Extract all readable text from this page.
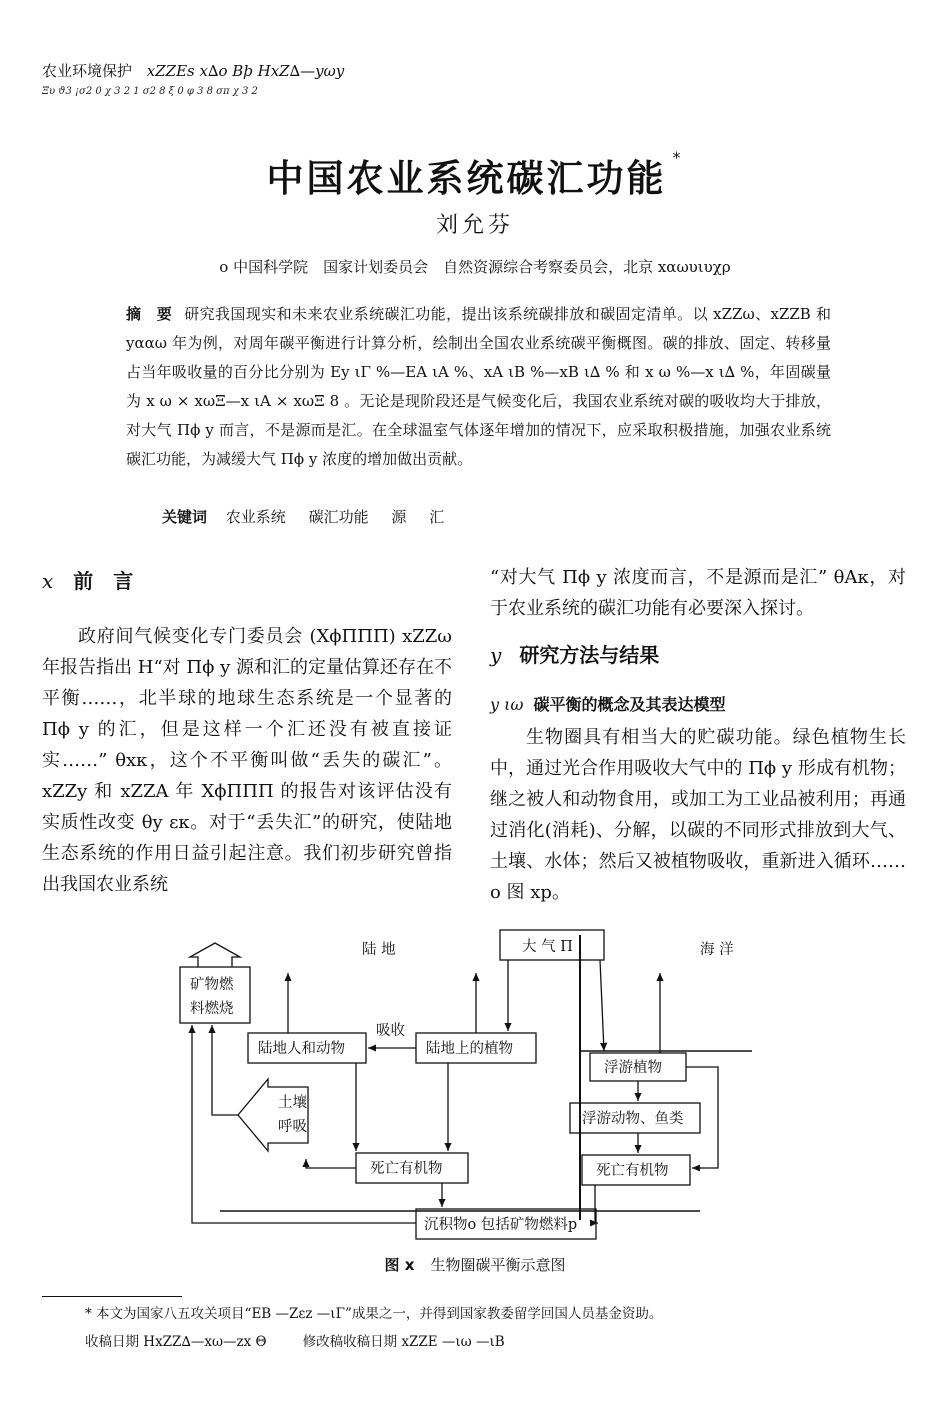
农业环境保护 xZZEs x∆o Bþ HxZ∆—yωy
Ξυ ϑ3 ¡σ2 0 χ 3 2 1 σ2 8 ξ 0 φ 3 8 σπ χ 3 2
中国农业系统碳汇功能 *
刘允芬
o 中国科学院　国家计划委员会　自然资源综合考察委员会，北京 xαωυιυχρ
摘　要 研究我国现实和未来农业系统碳汇功能，提出该系统碳排放和碳固定清单。以 xZZω、xZZB 和 yααω 年为例，对周年碳平衡进行计算分析，绘制出全国农业系统碳平衡概图。碳的排放、固定、转移量占当年吸收量的百分比分别为 Ey ιΓ %—EA ιA %、xA ιB %—xB ι∆ % 和 x ω %—x ι∆ %，年固碳量为 x ω × xωΞ—x ιA × xωΞ 8 。无论是现阶段还是气候变化后，我国农业系统对碳的吸收均大于排放，对大气 Πϕ y 而言，不是源而是汇。在全球温室气体逐年增加的情况下，应采取积极措施，加强农业系统碳汇功能，为减缓大气 Πϕ y 浓度的增加做出贡献。
关键词 农业系统 碳汇功能 源 汇
x 前　言

政府间气候变化专门委员会 (XϕΠΠΠ) xZZω 年报告指出 H“对 Πϕ y 源和汇的定量估算还存在不平衡……，北半球的地球生态系统是一个显著的 Πϕ y 的汇，但是这样一个汇还没有被直接证实……” θxκ，这个不平衡叫做“丢失的碳汇”。xZZy 和 xZZA 年 XϕΠΠΠ 的报告对该评估没有实质性改变 θy εκ。对于“丢失汇”的研究，使陆地生态系统的作用日益引起注意。我们初步研究曾指出我国农业系统

“对大气 Πϕ y 浓度而言，不是源而是汇” θAκ，对于农业系统的碳汇功能有必要深入探讨。

y 研究方法与结果
y ιω 碳平衡的概念及其表达模型

生物圈具有相当大的贮碳功能。绿色植物生长中，通过光合作用吸收大气中的 Πϕ y 形成有机物；继之被人和动物食用，或加工为工业品被利用；再通过消化(消耗)、分解，以碳的不同形式排放到大气、土壤、水体；然后又被植物吸收，重新进入循环……o 图 xp。

陆 地	大 气 Π	海 洋
矿物燃
料燃烧
吸收
陆地人和动物	陆地上的植物
浮游植物
土壤
呼吸	浮游动物、鱼类
死亡有机物
死亡有机物
沉积物o 包括矿物燃料p
图 x 生物圈碳平衡示意图
* 本文为国家八五攻关项目“EB —Zεz —ιΓ”成果之一，并得到国家教委留学回国人员基金资助。
收稿日期 HxZZ∆—xω—zx Θ	修改稿收稿日期 xZZE —ιω —ιB
